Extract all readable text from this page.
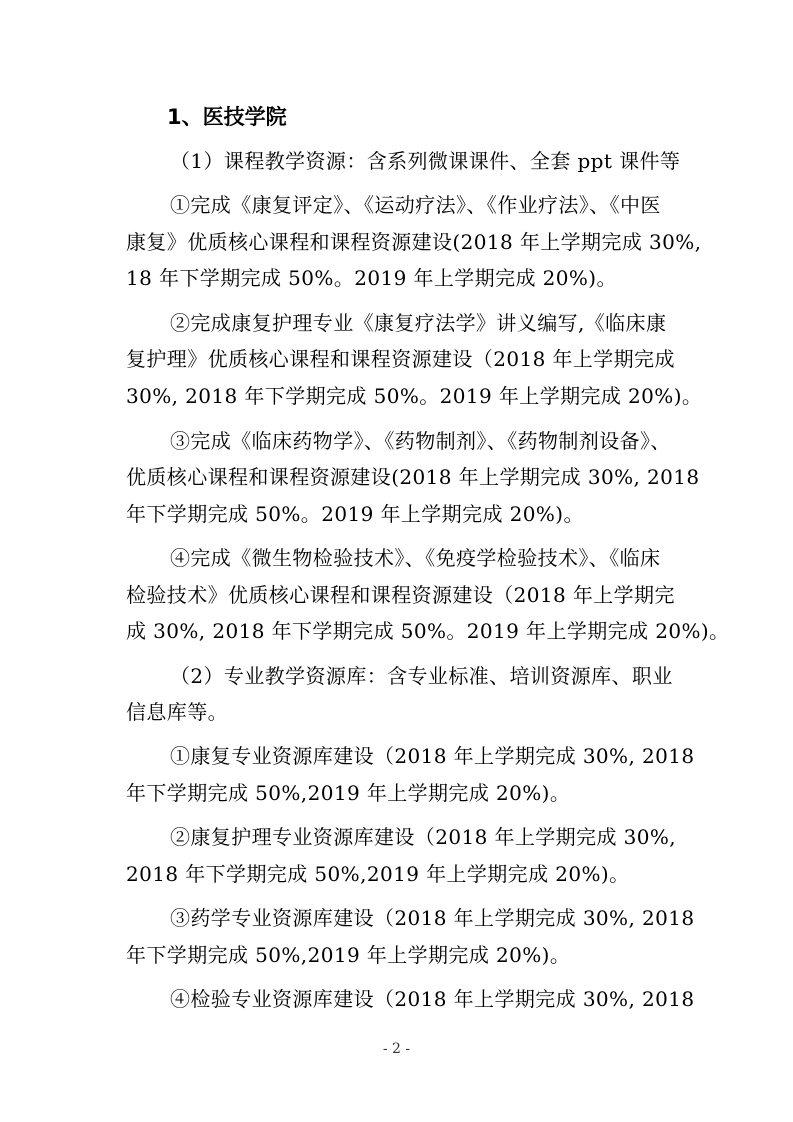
1、医技学院
（1）课程教学资源：含系列微课课件、全套 ppt 课件等
①完成《康复评定》、《运动疗法》、《作业疗法》、《中医
康复》优质核心课程和课程资源建设(2018 年上学期完成 30%,
18 年下学期完成 50%。2019 年上学期完成 20%)。
②完成康复护理专业《康复疗法学》讲义编写,《临床康
复护理》优质核心课程和课程资源建设（2018 年上学期完成
30%, 2018 年下学期完成 50%。2019 年上学期完成 20%)。
③完成《临床药物学》、《药物制剂》、《药物制剂设备》、
优质核心课程和课程资源建设(2018 年上学期完成 30%, 2018
年下学期完成 50%。2019 年上学期完成 20%)。
④完成《微生物检验技术》、《免疫学检验技术》、《临床
检验技术》优质核心课程和课程资源建设（2018 年上学期完
成 30%, 2018 年下学期完成 50%。2019 年上学期完成 20%)。
（2）专业教学资源库：含专业标准、培训资源库、职业
信息库等。
①康复专业资源库建设（2018 年上学期完成 30%, 2018
年下学期完成 50%,2019 年上学期完成 20%)。
②康复护理专业资源库建设（2018 年上学期完成 30%,
2018 年下学期完成 50%,2019 年上学期完成 20%)。
③药学专业资源库建设（2018 年上学期完成 30%, 2018
年下学期完成 50%,2019 年上学期完成 20%)。
④检验专业资源库建设（2018 年上学期完成 30%, 2018
- 2 -
